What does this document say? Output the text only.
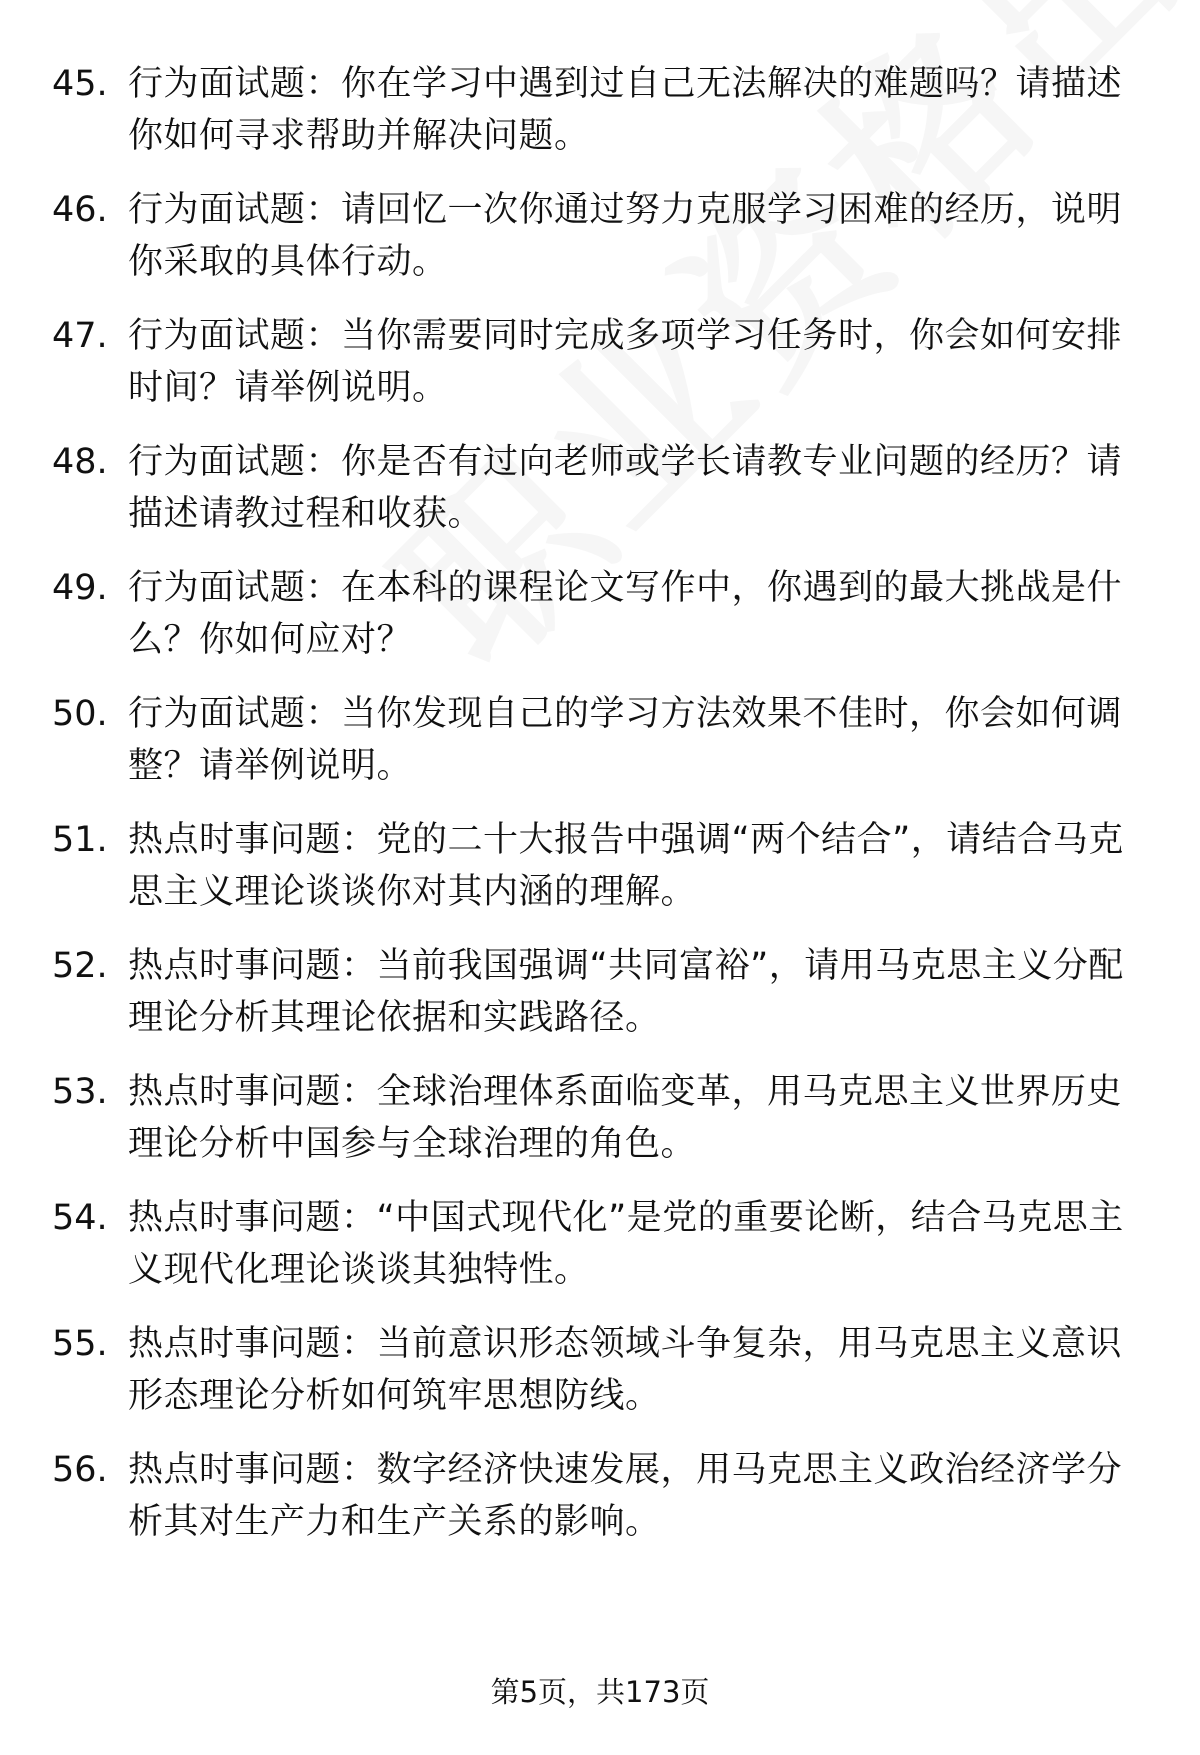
45. 行为面试题：你在学习中遇到过自己无法解决的难题吗？请描述你如何寻求帮助并解决问题。
46. 行为面试题：请回忆一次你通过努力克服学习困难的经历，说明你采取的具体行动。
47. 行为面试题：当你需要同时完成多项学习任务时，你会如何安排时间？请举例说明。
48. 行为面试题：你是否有过向老师或学长请教专业问题的经历？请描述请教过程和收获。
49. 行为面试题：在本科的课程论文写作中，你遇到的最大挑战是什么？你如何应对？
50. 行为面试题：当你发现自己的学习方法效果不佳时，你会如何调整？请举例说明。
51. 热点时事问题：党的二十大报告中强调“两个结合”，请结合马克思主义理论谈谈你对其内涵的理解。
52. 热点时事问题：当前我国强调“共同富裕”，请用马克思主义分配理论分析其理论依据和实践路径。
53. 热点时事问题：全球治理体系面临变革，用马克思主义世界历史理论分析中国参与全球治理的角色。
54. 热点时事问题：“中国式现代化”是党的重要论断，结合马克思主义现代化理论谈谈其独特性。
55. 热点时事问题：当前意识形态领域斗争复杂，用马克思主义意识形态理论分析如何筑牢思想防线。
56. 热点时事问题：数字经济快速发展，用马克思主义政治经济学分析其对生产力和生产关系的影响。
第5页，共173页
